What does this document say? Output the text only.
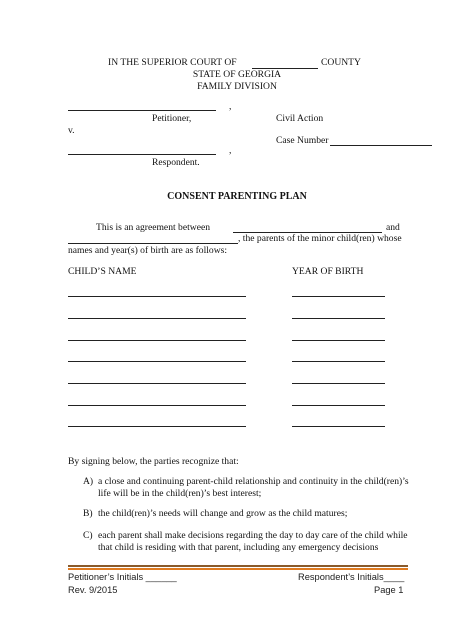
IN THE SUPERIOR COURT OF	COUNTY
STATE OF GEORGIA
FAMILY DIVISION
,
Petitioner,	Civil Action
v.
Case Number
,
Respondent.
CONSENT PARENTING PLAN
This is an agreement between	and
, the parents of the minor child(ren) whose
names and year(s) of birth are as follows:
CHILD’S NAME	YEAR OF BIRTH
By signing below, the parties recognize that:
A) a close and continuing parent-child relationship and continuity in the child(ren)’s
life will be in the child(ren)’s best interest;
B) the child(ren)’s needs will change and grow as the child matures;
C) each parent shall make decisions regarding the day to day care of the child while
that child is residing with that parent, including any emergency decisions
Petitioner’s Initials ______	Respondent’s Initials____
Rev. 9/2015	Page 1
